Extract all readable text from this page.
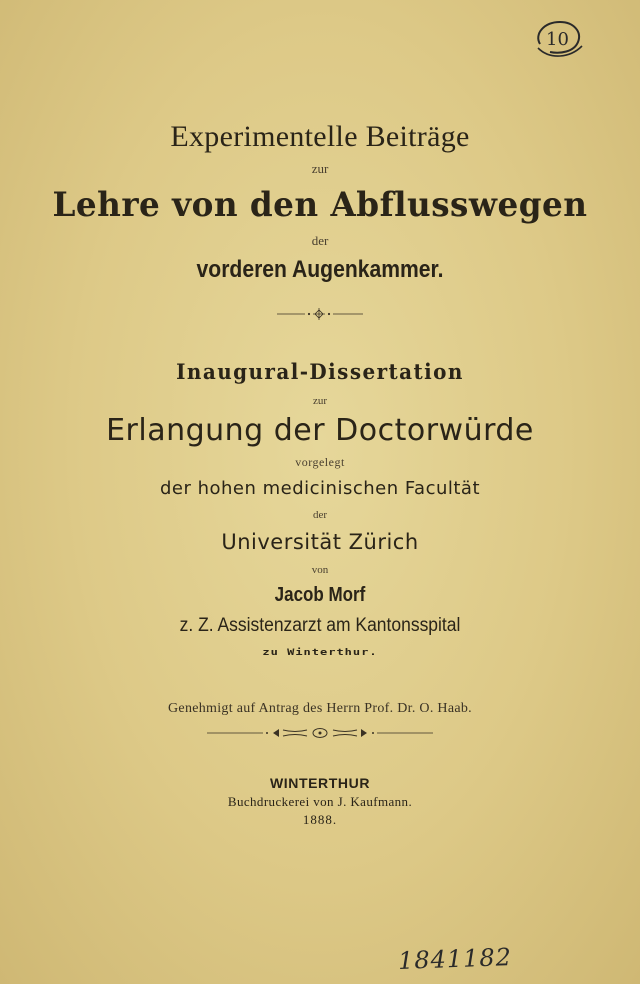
10
Experimentelle Beiträge
zur
Lehre von den Abflusswegen
der
vorderen Augenkammer.
Inaugural-Dissertation
zur
Erlangung der Doctorwürde
vorgelegt
der hohen medicinischen Facultät
der
Universität Zürich
von
Jacob Morf
z. Z. Assistenzarzt am Kantonsspital
zu Winterthur.
Genehmigt auf Antrag des Herrn Prof. Dr. O. Haab.
WINTERTHUR
Buchdruckerei von J. Kaufmann.
1888.
1841182
